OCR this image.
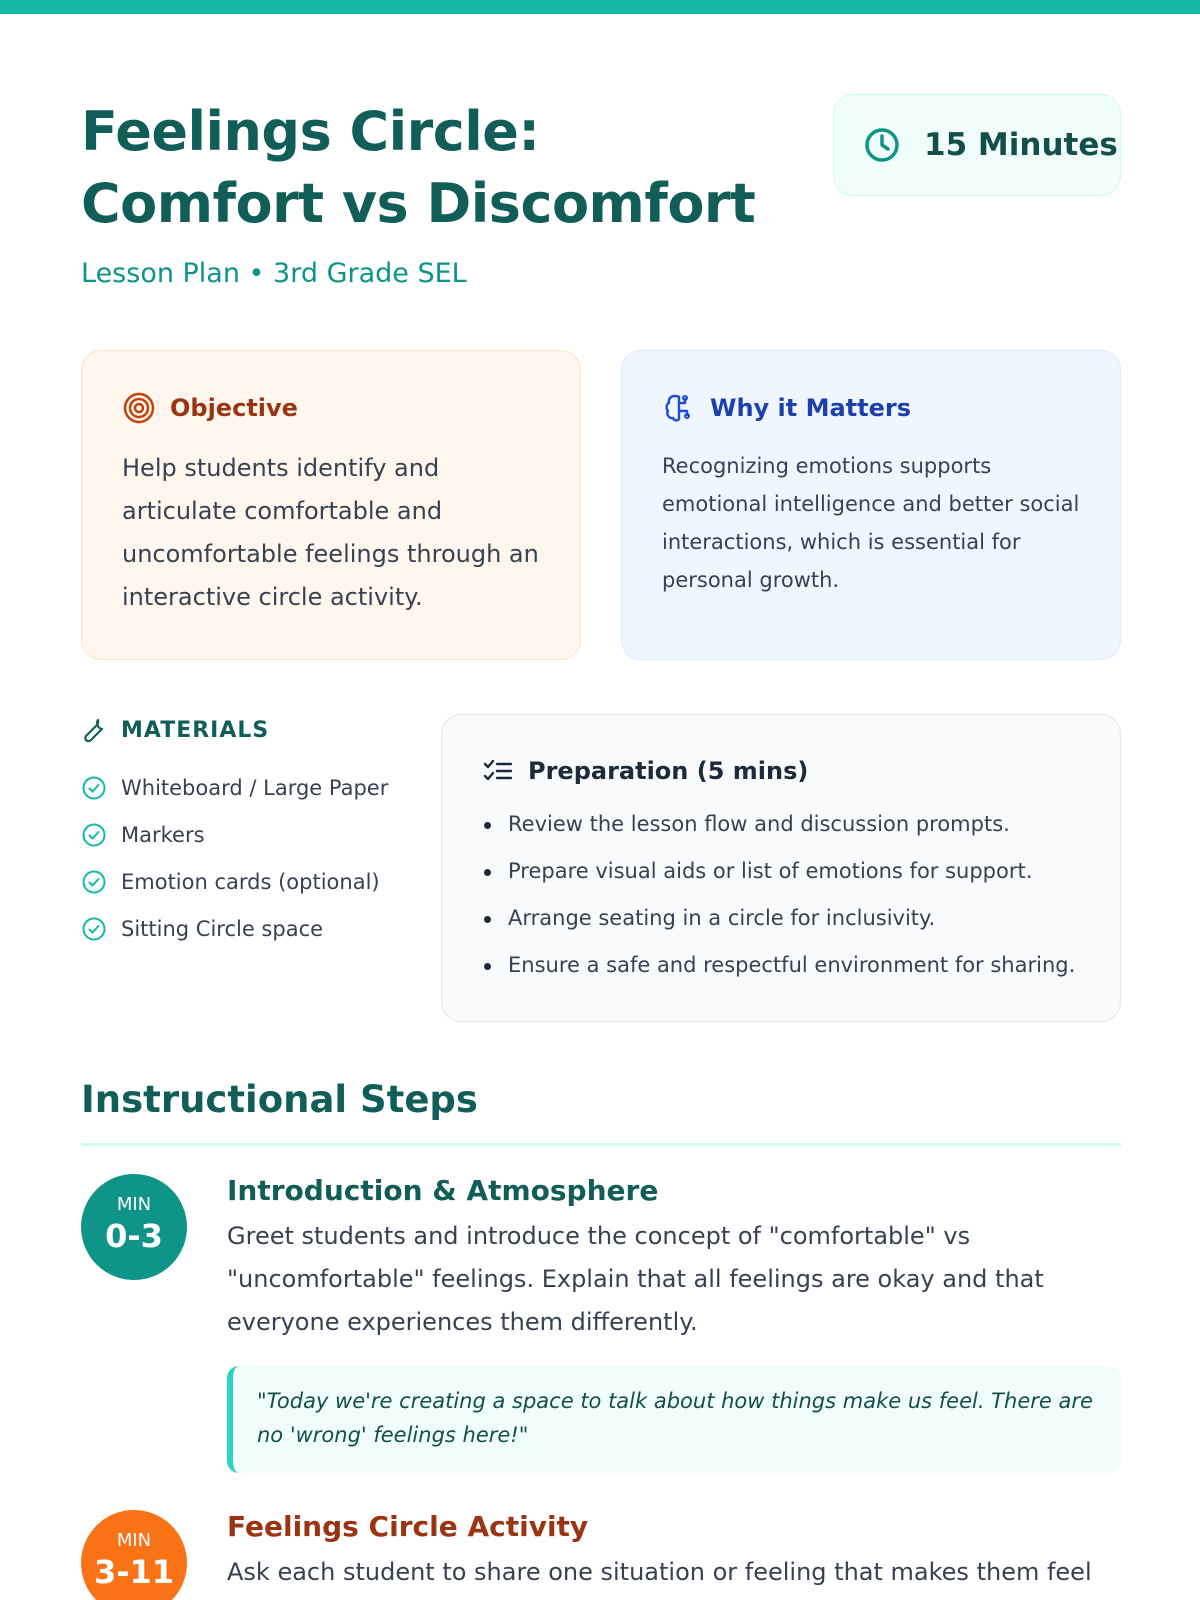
Feelings Circle:
Comfort vs Discomfort
Lesson Plan • 3rd Grade SEL
15 Minutes
Objective
Help students identify and articulate comfortable and uncomfortable feelings through an interactive circle activity.
Why it Matters
Recognizing emotions supports emotional intelligence and better social interactions, which is essential for personal growth.
MATERIALS
Whiteboard / Large Paper
Markers
Emotion cards (optional)
Sitting Circle space
Preparation (5 mins)
Review the lesson flow and discussion prompts.
Prepare visual aids or list of emotions for support.
Arrange seating in a circle for inclusivity.
Ensure a safe and respectful environment for sharing.
Instructional Steps
MIN
0-3
Introduction & Atmosphere
Greet students and introduce the concept of "comfortable" vs "uncomfortable" feelings. Explain that all feelings are okay and that everyone experiences them differently.
"Today we're creating a space to talk about how things make us feel. There are no 'wrong' feelings here!"
MIN
3-11
Feelings Circle Activity
Ask each student to share one situation or feeling that makes them feel
